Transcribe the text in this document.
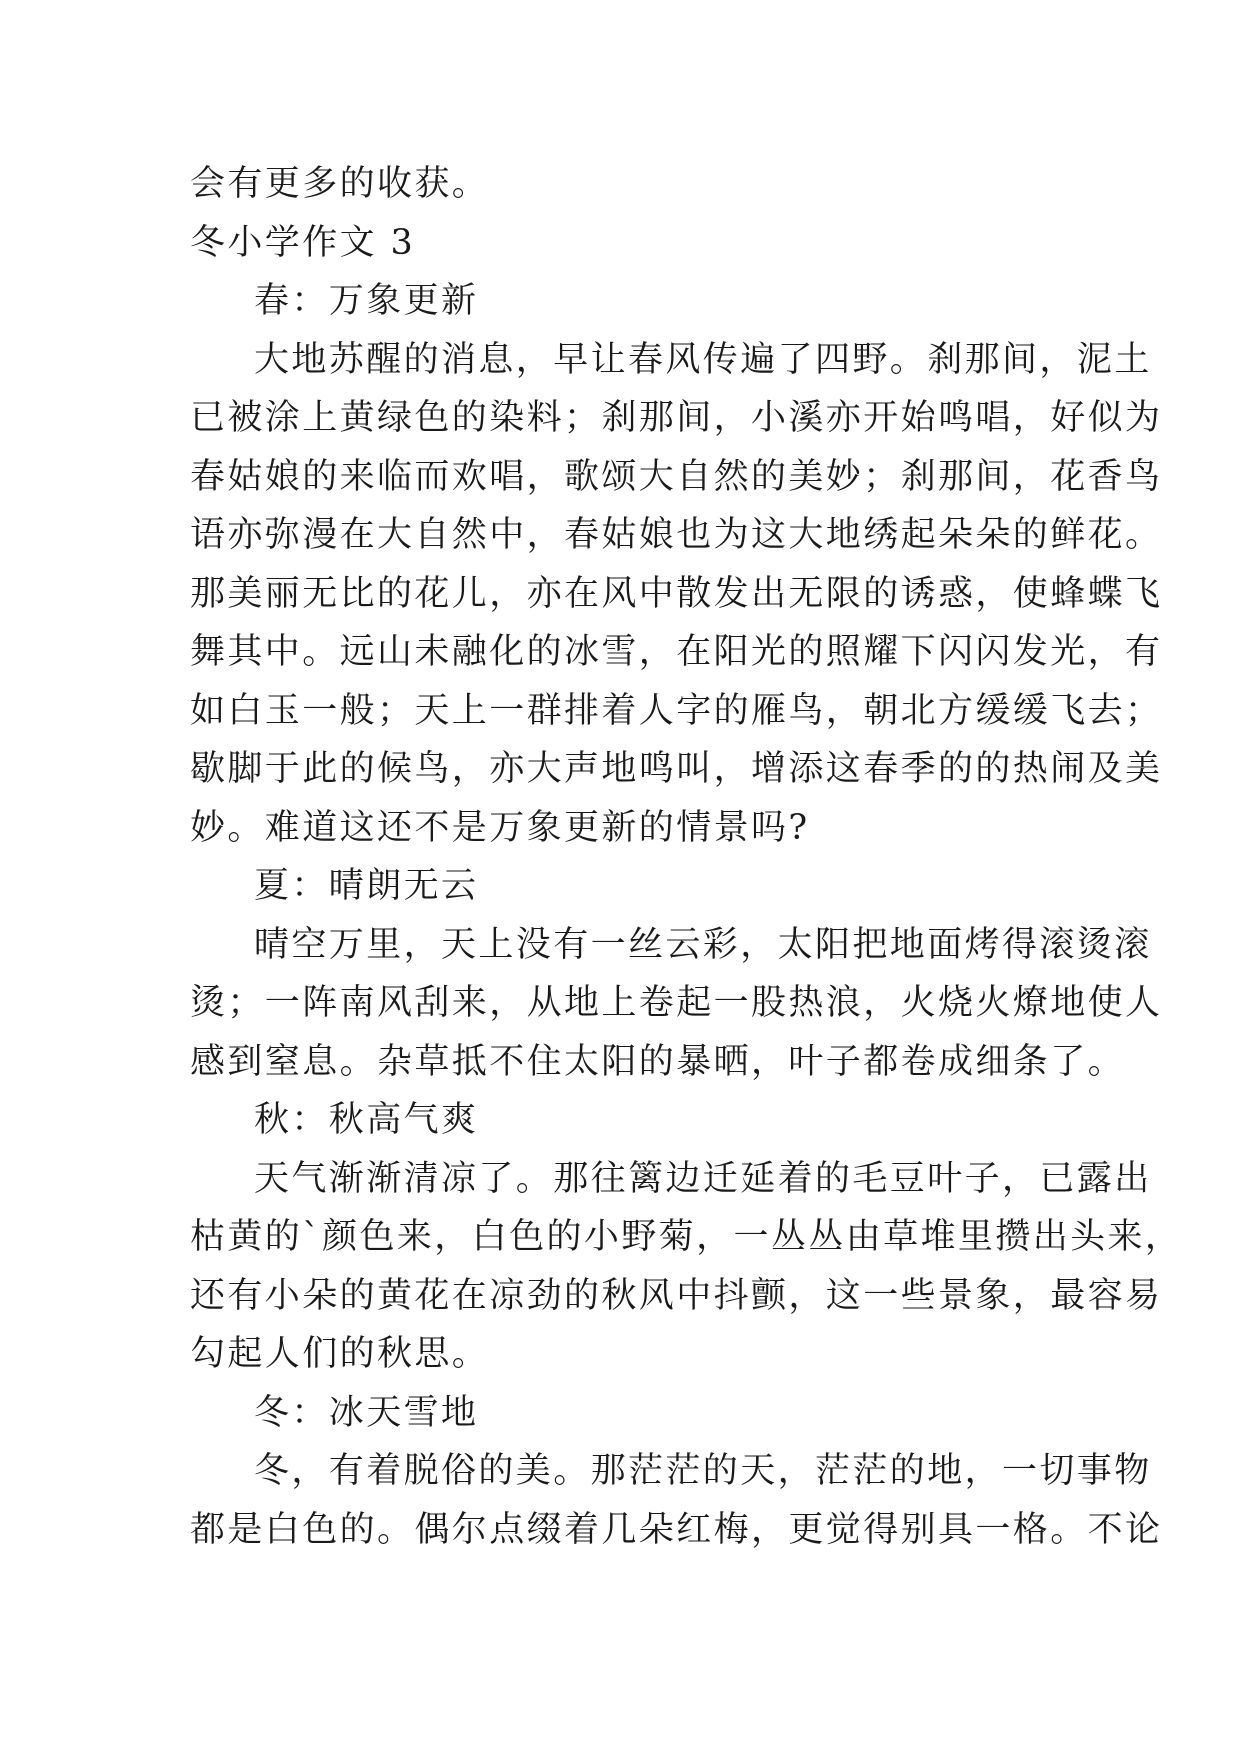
会有更多的收获。
冬小学作文 3
春：万象更新
大地苏醒的消息，早让春风传遍了四野。刹那间，泥土
已被涂上黄绿色的染料；刹那间，小溪亦开始鸣唱，好似为
春姑娘的来临而欢唱，歌颂大自然的美妙；刹那间，花香鸟
语亦弥漫在大自然中，春姑娘也为这大地绣起朵朵的鲜花。
那美丽无比的花儿，亦在风中散发出无限的诱惑，使蜂蝶飞
舞其中。远山未融化的冰雪，在阳光的照耀下闪闪发光，有
如白玉一般；天上一群排着人字的雁鸟，朝北方缓缓飞去；
歇脚于此的候鸟，亦大声地鸣叫，增添这春季的的热闹及美
妙。难道这还不是万象更新的情景吗?
夏：晴朗无云
晴空万里，天上没有一丝云彩，太阳把地面烤得滚烫滚
烫；一阵南风刮来，从地上卷起一股热浪，火烧火燎地使人
感到窒息。杂草抵不住太阳的暴晒，叶子都卷成细条了。
秋：秋高气爽
天气渐渐清凉了。那往篱边迁延着的毛豆叶子，已露出
枯黄的`颜色来，白色的小野菊，一丛丛由草堆里攒出头来，
还有小朵的黄花在凉劲的秋风中抖颤，这一些景象，最容易
勾起人们的秋思。
冬：冰天雪地
冬，有着脱俗的美。那茫茫的天，茫茫的地，一切事物
都是白色的。偶尔点缀着几朵红梅，更觉得别具一格。不论
